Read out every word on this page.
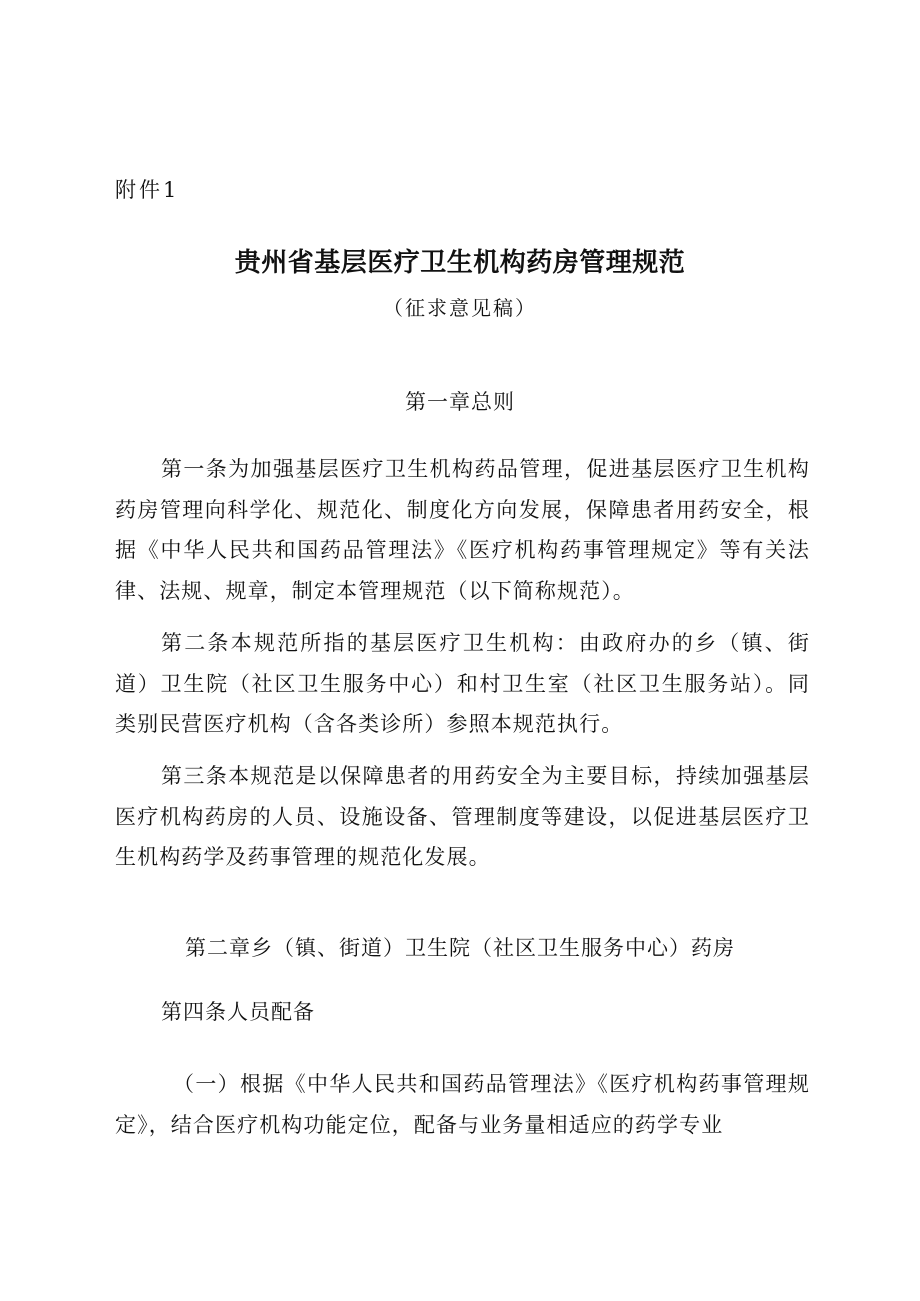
附件1
贵州省基层医疗卫生机构药房管理规范
（征求意见稿）
第一章总则

第一条为加强基层医疗卫生机构药品管理，促进基层医疗卫生机构药房管理向科学化、规范化、制度化方向发展，保障患者用药安全，根据《中华人民共和国药品管理法》《医疗机构药事管理规定》等有关法律、法规、规章，制定本管理规范（以下简称规范）。

第二条本规范所指的基层医疗卫生机构：由政府办的乡（镇、街道）卫生院（社区卫生服务中心）和村卫生室（社区卫生服务站）。同类别民营医疗机构（含各类诊所）参照本规范执行。

第三条本规范是以保障患者的用药安全为主要目标，持续加强基层医疗机构药房的人员、设施设备、管理制度等建设，以促进基层医疗卫生机构药学及药事管理的规范化发展。

第二章乡（镇、街道）卫生院（社区卫生服务中心）药房
第四条人员配备

（一）根据《中华人民共和国药品管理法》《医疗机构药事管理规定》，结合医疗机构功能定位，配备与业务量相适应的药学专业
